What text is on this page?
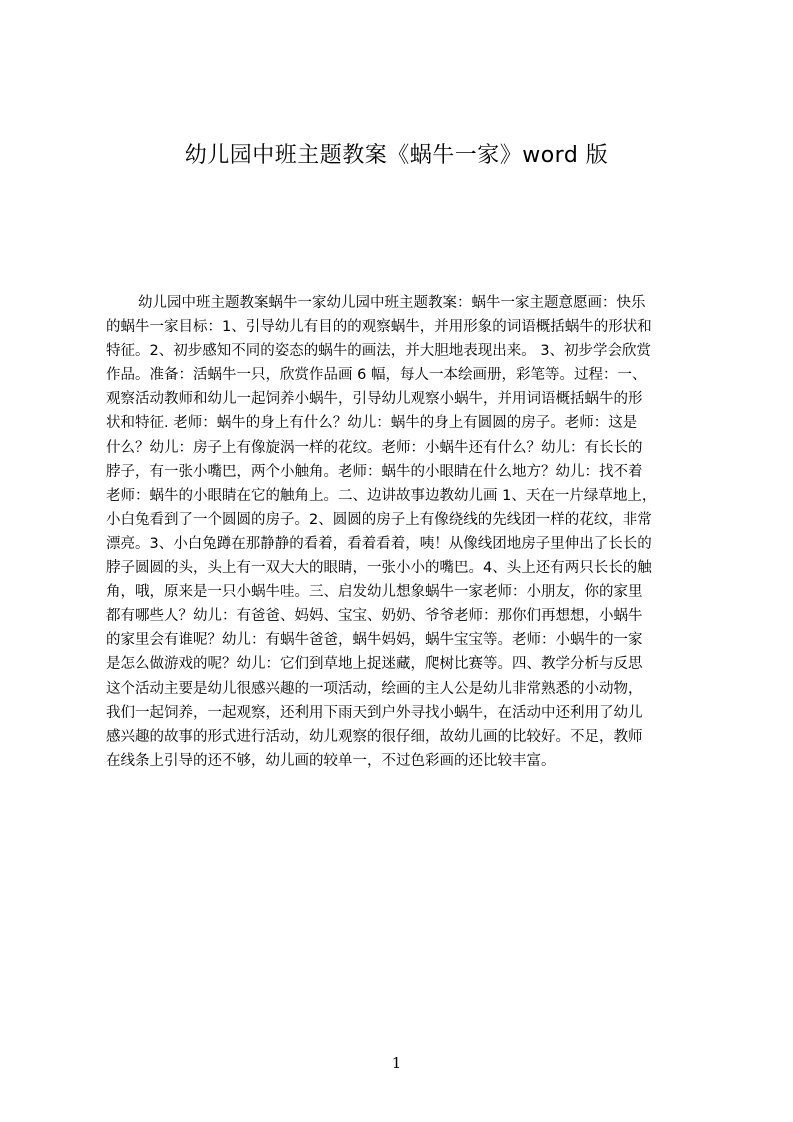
幼儿园中班主题教案《蜗牛一家》word 版
幼儿园中班主题教案蜗牛一家幼儿园中班主题教案：蜗牛一家主题意愿画：快乐
的蜗牛一家目标：1、引导幼儿有目的的观察蜗牛，并用形象的词语概括蜗牛的形状和
特征。2、初步感知不同的姿态的蜗牛的画法，并大胆地表现出来。 3、初步学会欣赏
作品。准备：活蜗牛一只，欣赏作品画 6 幅，每人一本绘画册，彩笔等。过程：一、
观察活动教师和幼儿一起饲养小蜗牛，引导幼儿观察小蜗牛，并用词语概括蜗牛的形
状和特征. 老师：蜗牛的身上有什么？幼儿：蜗牛的身上有圆圆的房子。老师：这是
什么？幼儿：房子上有像旋涡一样的花纹。老师：小蜗牛还有什么？幼儿：有长长的
脖子，有一张小嘴巴，两个小触角。老师：蜗牛的小眼睛在什么地方？幼儿：找不着
老师：蜗牛的小眼睛在它的触角上。二、边讲故事边教幼儿画 1、天在一片绿草地上，
小白兔看到了一个圆圆的房子。2、圆圆的房子上有像绕线的先线团一样的花纹，非常
漂亮。3、小白兔蹲在那静静的看着，看着看着，咦！从像线团地房子里伸出了长长的
脖子圆圆的头，头上有一双大大的眼睛，一张小小的嘴巴。4、头上还有两只长长的触
角，哦，原来是一只小蜗牛哇。三、启发幼儿想象蜗牛一家老师：小朋友，你的家里
都有哪些人？幼儿：有爸爸、妈妈、宝宝、奶奶、爷爷老师：那你们再想想，小蜗牛
的家里会有谁呢？幼儿：有蜗牛爸爸，蜗牛妈妈，蜗牛宝宝等。老师：小蜗牛的一家
是怎么做游戏的呢？幼儿：它们到草地上捉迷藏，爬树比赛等。四、教学分析与反思
这个活动主要是幼儿很感兴趣的一项活动，绘画的主人公是幼儿非常熟悉的小动物，
我们一起饲养，一起观察，还利用下雨天到户外寻找小蜗牛，在活动中还利用了幼儿
感兴趣的故事的形式进行活动，幼儿观察的很仔细，故幼儿画的比较好。不足，教师
在线条上引导的还不够，幼儿画的较单一，不过色彩画的还比较丰富。
1
